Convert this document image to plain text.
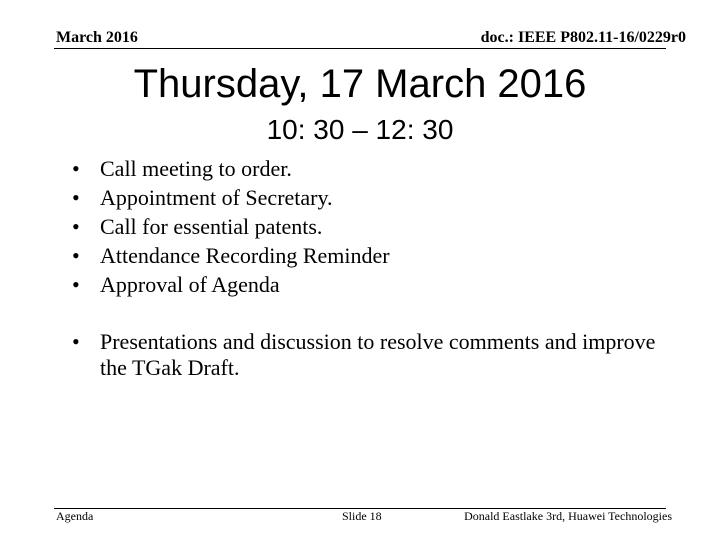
March 2016	doc.: IEEE P802.11-16/0229r0
Thursday, 17 March 2016
10: 30 – 12: 30
• Call meeting to order.
• Appointment of Secretary.
• Call for essential patents.
• Attendance Recording Reminder
• Approval of Agenda
• Presentations and discussion to resolve comments and improve the TGak Draft.
Agenda	Slide 18	Donald Eastlake 3rd, Huawei Technologies
